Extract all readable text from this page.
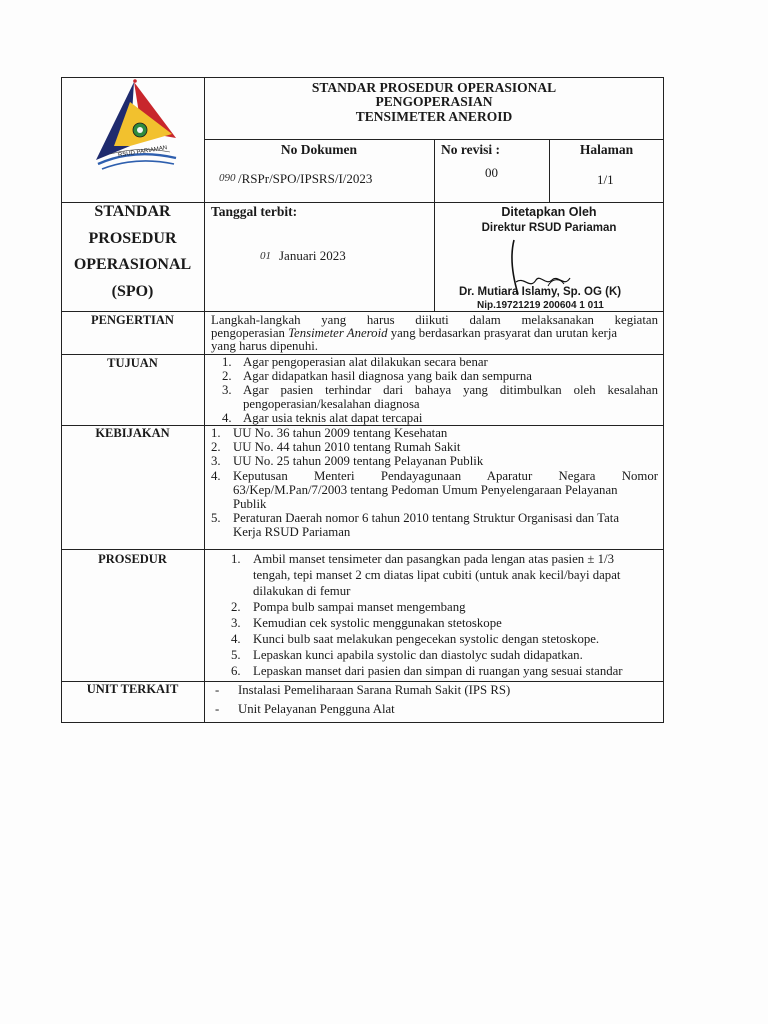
RSUD PARIAMAN
STANDAR PROSEDUR OPERASIONAL
PENGOPERASIAN
TENSIMETER ANEROID
No Dokumen	No revisi :	Halaman
090 /RSPr/SPO/IPSRS/I/2023	00	1/1
STANDAR
PROSEDUR
OPERASIONAL
(SPO)
Tanggal terbit:
01 Januari 2023
Ditetapkan Oleh
Direktur RSUD Pariaman
Dr. Mutiara Islamy, Sp. OG (K)
Nip.19721219 200604 1 011
PENGERTIAN	Langkah-langkah yang harus diikuti dalam melaksanakan kegiatan
pengoperasian Tensimeter Aneroid yang berdasarkan prasyarat dan urutan kerja
yang harus dipenuhi.
TUJUAN	1. Agar pengoperasian alat dilakukan secara benar
2. Agar didapatkan hasil diagnosa yang baik dan sempurna
3. Agar pasien terhindar dari bahaya yang ditimbulkan oleh kesalahan
pengoperasian/kesalahan diagnosa
4. Agar usia teknis alat dapat tercapai
KEBIJAKAN	1. UU No. 36 tahun 2009 tentang Kesehatan
2. UU No. 44 tahun 2010 tentang Rumah Sakit
3. UU No. 25 tahun 2009 tentang Pelayanan Publik
4. Keputusan Menteri Pendayagunaan Aparatur Negara Nomor
63/Kep/M.Pan/7/2003 tentang Pedoman Umum Penyelengaraan Pelayanan
Publik
5. Peraturan Daerah nomor 6 tahun 2010 tentang Struktur Organisasi dan Tata
Kerja RSUD Pariaman
PROSEDUR	1. Ambil manset tensimeter dan pasangkan pada lengan atas pasien ± 1/3
tengah, tepi manset 2 cm diatas lipat cubiti (untuk anak kecil/bayi dapat
dilakukan di femur
2. Pompa bulb sampai manset mengembang
3. Kemudian cek systolic menggunakan stetoskope
4. Kunci bulb saat melakukan pengecekan systolic dengan stetoskope.
5. Lepaskan kunci apabila systolic dan diastolyc sudah didapatkan.
6. Lepaskan manset dari pasien dan simpan di ruangan yang sesuai standar
UNIT TERKAIT	- Instalasi Pemeliharaan Sarana Rumah Sakit (IPS RS)
- Unit Pelayanan Pengguna Alat
